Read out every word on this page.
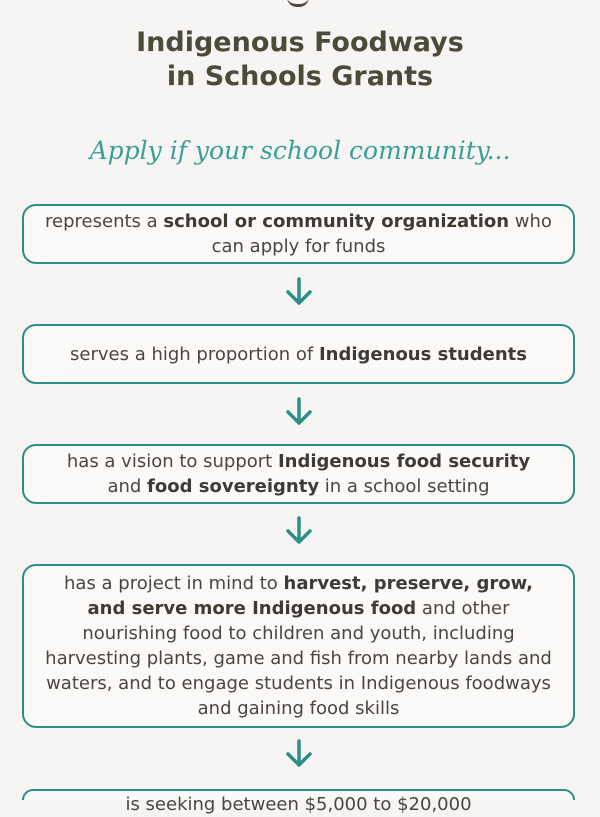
Indigenous Foodways
in Schools Grants
Apply if your school community...
represents a school or community organization who can apply for funds
serves a high proportion of Indigenous students
has a vision to support Indigenous food security
and food sovereignty in a school setting
has a project in mind to harvest, preserve, grow, and serve more Indigenous food and other nourishing food to children and youth, including harvesting plants, game and fish from nearby lands and waters, and to engage students in Indigenous foodways and gaining food skills
is seeking between $5,000 to $20,000
